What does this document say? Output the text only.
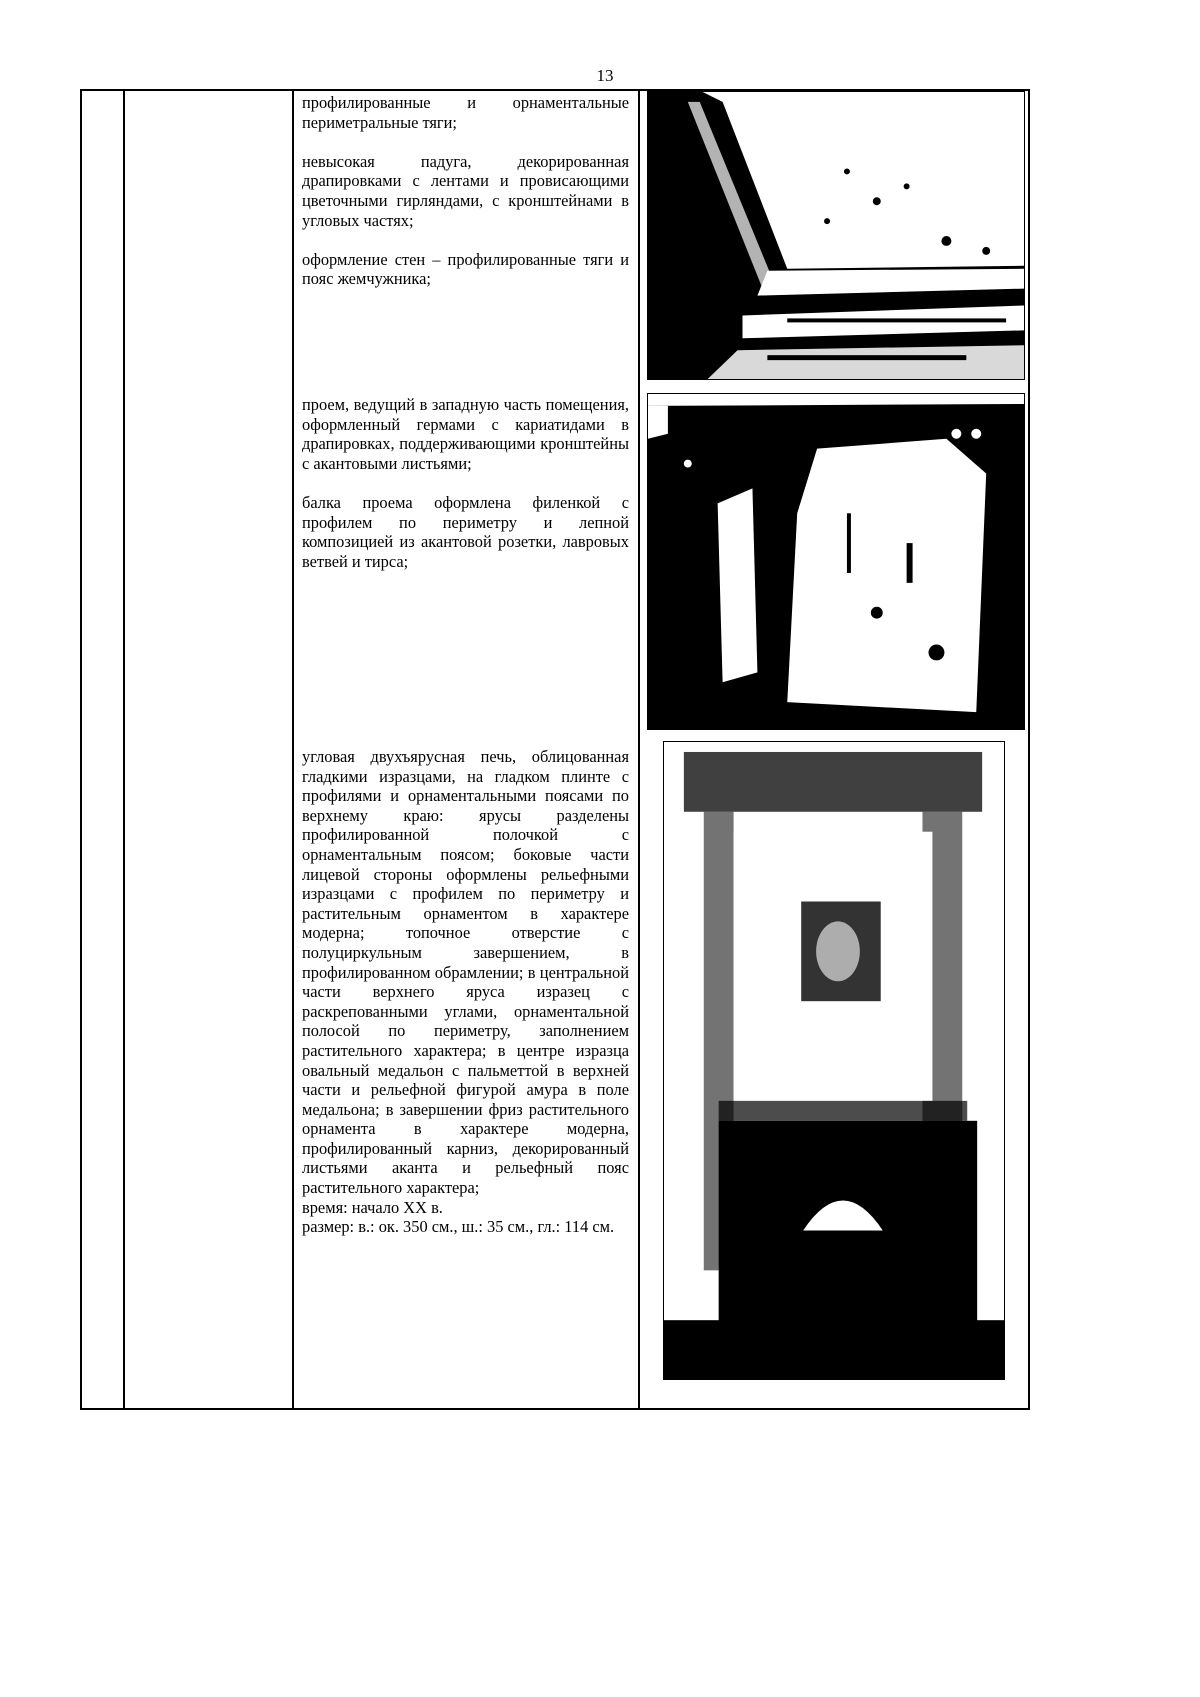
13

профилированные и орнаментальные периметральные тяги;

невысокая падуга, декорированная драпировками с лентами и провисающими цветочными гирляндами, с кронштейнами в угловых частях;

оформление стен – профилированные тяги и пояс жемчужника;

проем, ведущий в западную часть помещения, оформленный гермами с кариатидами в драпировках, поддерживающими кронштейны с акантовыми листьями;

балка проема оформлена филенкой с профилем по периметру и лепной композицией из акантовой розетки, лавровых ветвей и тирса;

угловая двухъярусная печь, облицованная гладкими изразцами, на гладком плинте с профилями и орнаментальными поясами по верхнему краю: ярусы разделены профилированной полочкой с орнаментальным поясом; боковые части лицевой стороны оформлены рельефными изразцами с профилем по периметру и растительным орнаментом в характере модерна; топочное отверстие с полуциркульным завершением, в профилированном обрамлении; в центральной части верхнего яруса изразец с раскрепованными углами, орнаментальной полосой по периметру, заполнением растительного характера; в центре изразца овальный медальон с пальметтой в верхней части и рельефной фигурой амура в поле медальона; в завершении фриз растительного орнамента в характере модерна, профилированный карниз, декорированный листьями аканта и рельефный пояс растительного характера;

время: начало XX в.

размер: в.: ок. 350 см., ш.: 35 см., гл.: 114 см.
